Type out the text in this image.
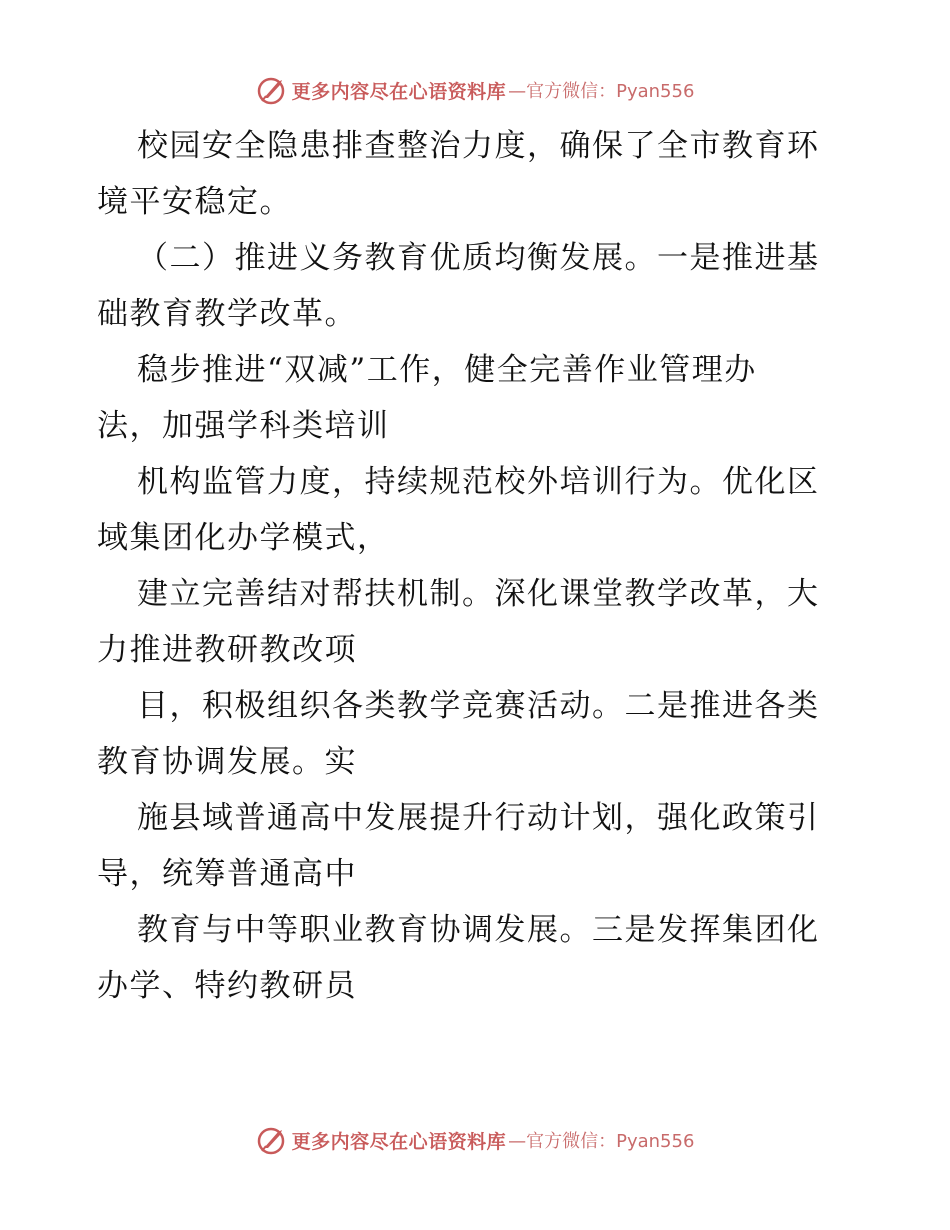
更多内容尽在心语资料库 —官方微信：Pyan556
校园安全隐患排查整治力度，确保了全市教育环
境平安稳定。
（二）推进义务教育优质均衡发展。一是推进基
础教育教学改革。
稳步推进“双减”工作，健全完善作业管理办
法，加强学科类培训
机构监管力度，持续规范校外培训行为。优化区
域集团化办学模式，
建立完善结对帮扶机制。深化课堂教学改革，大
力推进教研教改项
目，积极组织各类教学竞赛活动。二是推进各类
教育协调发展。实
施县域普通高中发展提升行动计划，强化政策引
导，统筹普通高中
教育与中等职业教育协调发展。三是发挥集团化
办学、特约教研员
更多内容尽在心语资料库 —官方微信：Pyan556
